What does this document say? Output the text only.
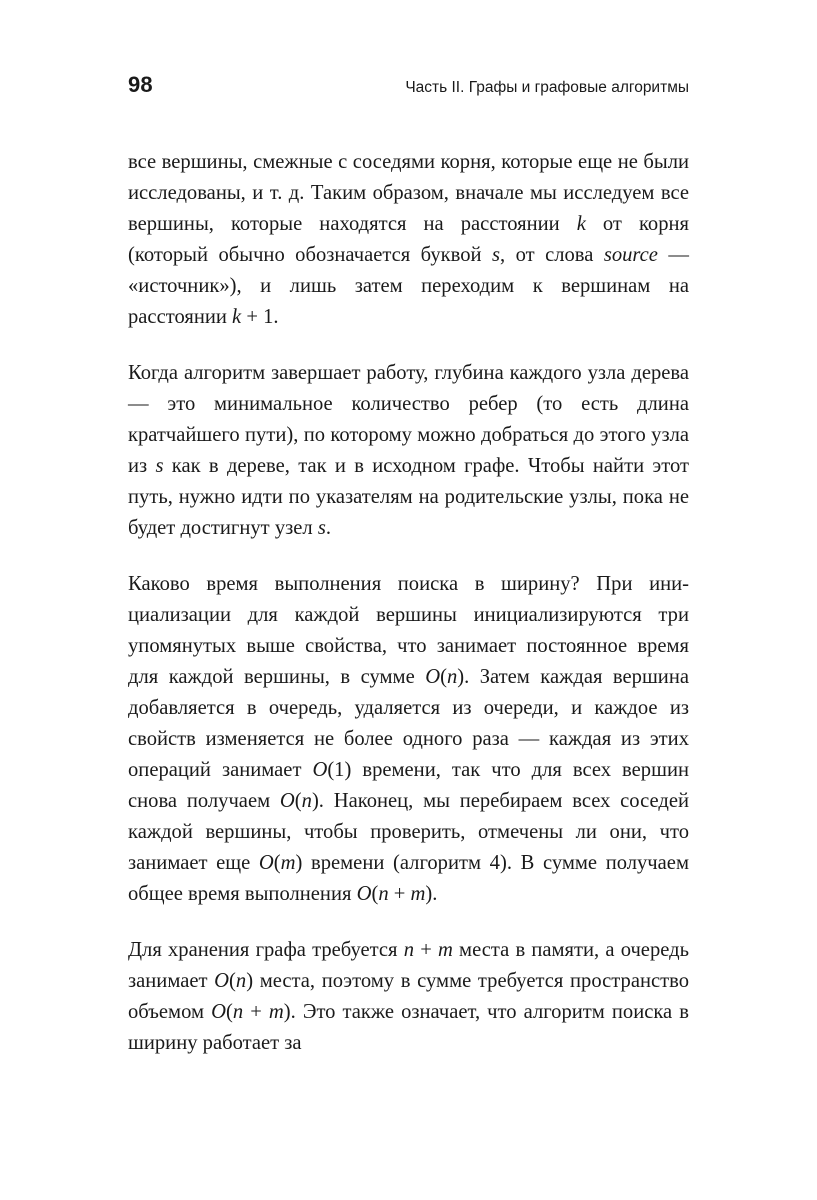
98	Часть II. Графы и графовые алгоритмы

все вершины, смежные с соседями корня, которые еще не были исследованы, и т. д. Таким образом, вначале мы исследуем все вершины, которые находятся на расстоянии k от корня (который обычно обозначается буквой s, от слова source — «источник»), и лишь затем переходим к вершинам на расстоянии k + 1.

Когда алгоритм завершает работу, глубина каждого узла дерева — это минимальное количество ребер (то есть длина кратчайшего пути), по которому можно добраться до этого узла из s как в дереве, так и в исходном графе. Чтобы найти этот путь, нужно идти по указателям на родительские узлы, пока не будет достигнут узел s.

Каково время выполнения поиска в ширину? При инициализации для каждой вершины инициализируются три упомянутых выше свойства, что занимает постоянное время для каждой вершины, в сумме O(n). Затем каждая вершина добавляется в очередь, удаляется из очереди, и каждое из свойств изменяется не более одного раза — каждая из этих операций занимает O(1) времени, так что для всех вершин снова получаем O(n). Наконец, мы перебираем всех соседей каждой вершины, чтобы проверить, отмечены ли они, что занимает еще O(m) времени (алгоритм 4). В сумме получаем общее время выполнения O(n + m).

Для хранения графа требуется n + m места в памяти, а очередь занимает O(n) места, поэтому в сумме требуется пространство объемом O(n + m). Это также означает, что алгоритм поиска в ширину работает за
